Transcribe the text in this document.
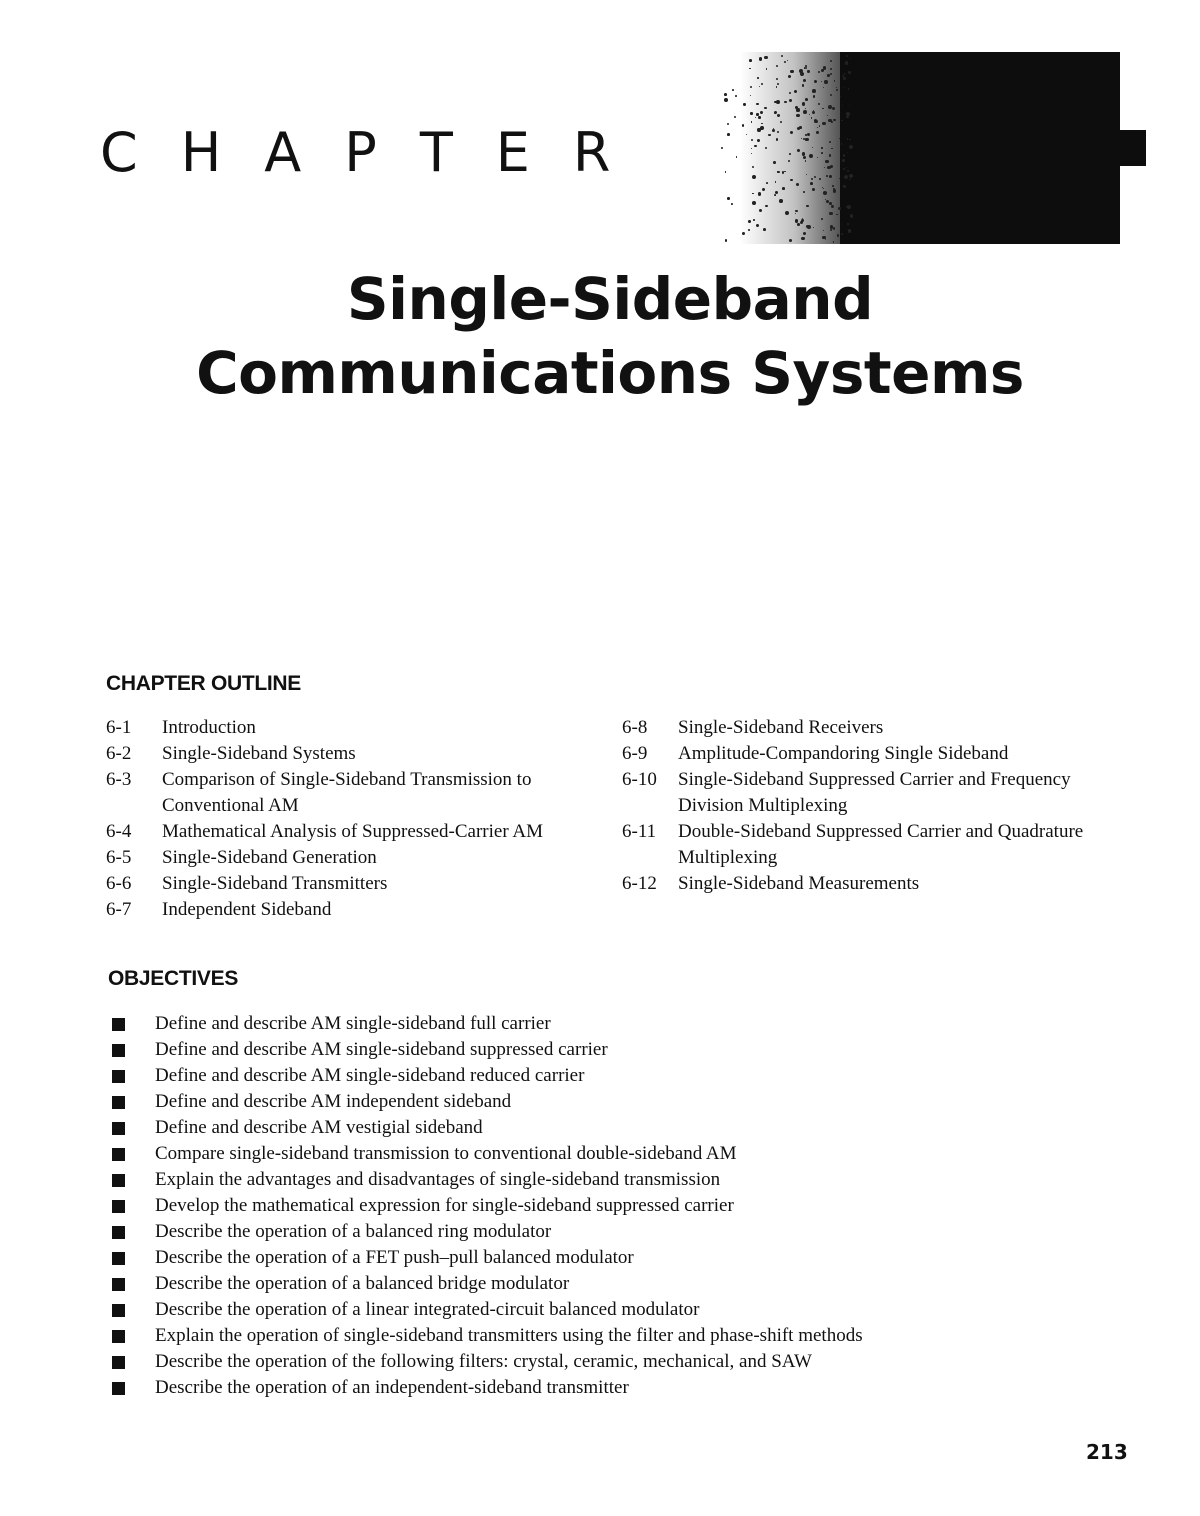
CHAPTER
Single-Sideband
Communications Systems
CHAPTER OUTLINE
6-1	Introduction
6-2	Single-Sideband Systems
6-3	Comparison of Single-Sideband Transmission to Conventional AM
6-4	Mathematical Analysis of Suppressed-Carrier AM
6-5	Single-Sideband Generation
6-6	Single-Sideband Transmitters
6-7	Independent Sideband
6-8	Single-Sideband Receivers
6-9	Amplitude-Compandoring Single Sideband
6-10	Single-Sideband Suppressed Carrier and Frequency Division Multiplexing
6-11	Double-Sideband Suppressed Carrier and Quadrature Multiplexing
6-12	Single-Sideband Measurements
OBJECTIVES
Define and describe AM single-sideband full carrier
Define and describe AM single-sideband suppressed carrier
Define and describe AM single-sideband reduced carrier
Define and describe AM independent sideband
Define and describe AM vestigial sideband
Compare single-sideband transmission to conventional double-sideband AM
Explain the advantages and disadvantages of single-sideband transmission
Develop the mathematical expression for single-sideband suppressed carrier
Describe the operation of a balanced ring modulator
Describe the operation of a FET push–pull balanced modulator
Describe the operation of a balanced bridge modulator
Describe the operation of a linear integrated-circuit balanced modulator
Explain the operation of single-sideband transmitters using the filter and phase-shift methods
Describe the operation of the following filters: crystal, ceramic, mechanical, and SAW
Describe the operation of an independent-sideband transmitter
213
